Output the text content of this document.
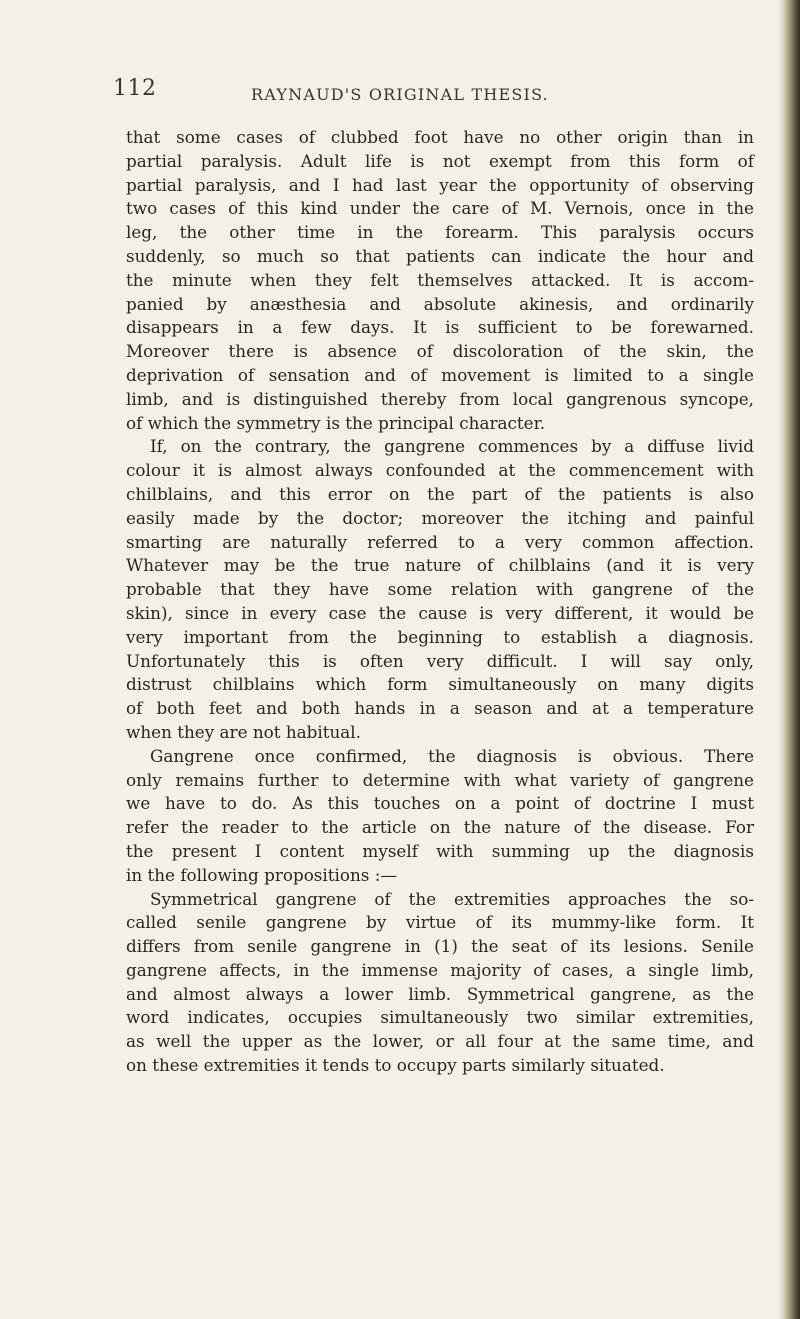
112	RAYNAUD'S ORIGINAL THESIS.
that some cases of clubbed foot have no other origin than in
partial paralysis. Adult life is not exempt from this form of
partial paralysis, and I had last year the opportunity of observing
two cases of this kind under the care of M. Vernois, once in the
leg, the other time in the forearm. This paralysis occurs
suddenly, so much so that patients can indicate the hour and
the minute when they felt themselves attacked. It is accom-
panied by anæsthesia and absolute akinesis, and ordinarily
disappears in a few days. It is sufficient to be forewarned.
Moreover there is absence of discoloration of the skin, the
deprivation of sensation and of movement is limited to a single
limb, and is distinguished thereby from local gangrenous syncope,
of which the symmetry is the principal character.
If, on the contrary, the gangrene commences by a diffuse livid
colour it is almost always confounded at the commencement with
chilblains, and this error on the part of the patients is also
easily made by the doctor; moreover the itching and painful
smarting are naturally referred to a very common affection.
Whatever may be the true nature of chilblains (and it is very
probable that they have some relation with gangrene of the
skin), since in every case the cause is very different, it would be
very important from the beginning to establish a diagnosis.
Unfortunately this is often very difficult. I will say only,
distrust chilblains which form simultaneously on many digits
of both feet and both hands in a season and at a temperature
when they are not habitual.
Gangrene once confirmed, the diagnosis is obvious. There
only remains further to determine with what variety of gangrene
we have to do. As this touches on a point of doctrine I must
refer the reader to the article on the nature of the disease. For
the present I content myself with summing up the diagnosis
in the following propositions :—
Symmetrical gangrene of the extremities approaches the so-
called senile gangrene by virtue of its mummy-like form. It
differs from senile gangrene in (1) the seat of its lesions. Senile
gangrene affects, in the immense majority of cases, a single limb,
and almost always a lower limb. Symmetrical gangrene, as the
word indicates, occupies simultaneously two similar extremities,
as well the upper as the lower, or all four at the same time, and
on these extremities it tends to occupy parts similarly situated.
